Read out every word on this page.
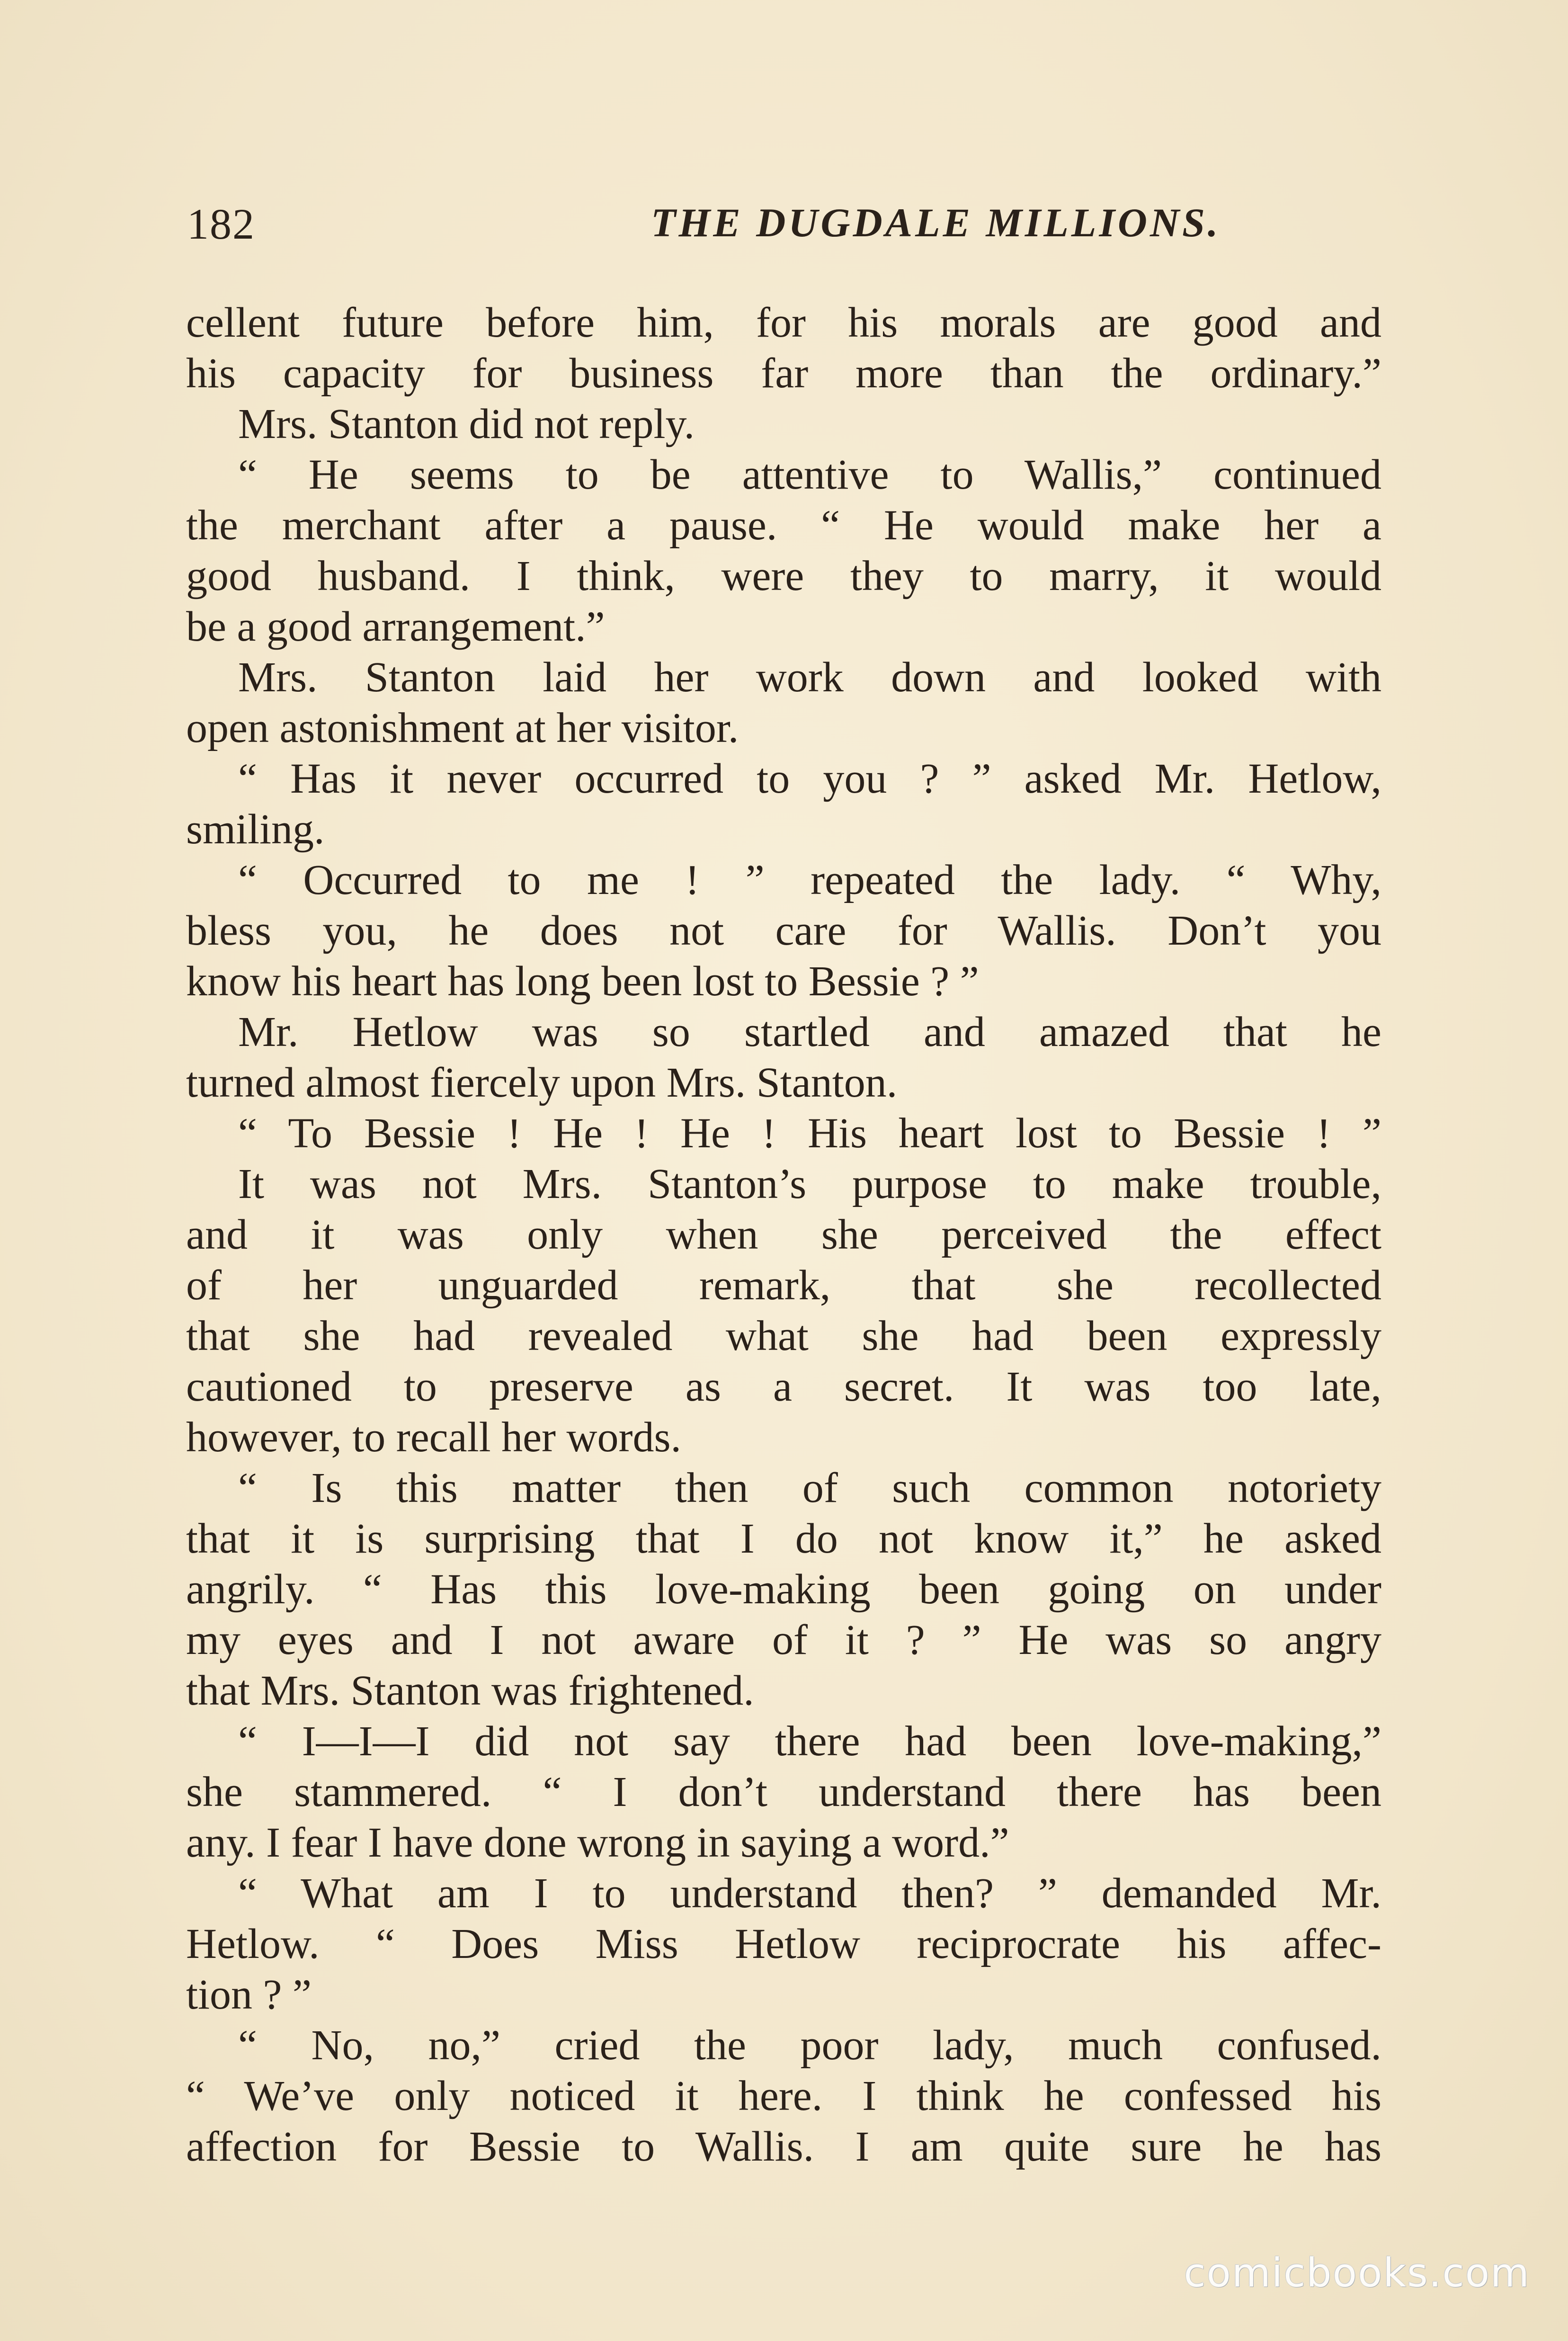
182	THE DUGDALE MILLIONS.
cellent future before him, for his morals are good and
his capacity for business far more than the ordinary.”
Mrs. Stanton did not reply.
“ He seems to be attentive to Wallis,” continued
the merchant after a pause. “ He would make her a
good husband. I think, were they to marry, it would
be a good arrangement.”
Mrs. Stanton laid her work down and looked with
open astonishment at her visitor.
“ Has it never occurred to you ? ” asked Mr. Hetlow,
smiling.
“ Occurred to me ! ” repeated the lady. “ Why,
bless you, he does not care for Wallis. Don’t you
know his heart has long been lost to Bessie ? ”
Mr. Hetlow was so startled and amazed that he
turned almost fiercely upon Mrs. Stanton.
“ To Bessie ! He ! He ! His heart lost to Bessie ! ”
It was not Mrs. Stanton’s purpose to make trouble,
and it was only when she perceived the effect
of her unguarded remark, that she recollected
that she had revealed what she had been expressly
cautioned to preserve as a secret. It was too late,
however, to recall her words.
“ Is this matter then of such common notoriety
that it is surprising that I do not know it,” he asked
angrily. “ Has this love-making been going on under
my eyes and I not aware of it ? ” He was so angry
that Mrs. Stanton was frightened.
“ I—I—I did not say there had been love-making,”
she stammered. “ I don’t understand there has been
any. I fear I have done wrong in saying a word.”
“ What am I to understand then? ” demanded Mr.
Hetlow. “ Does Miss Hetlow reciprocrate his affec-
tion ? ”
“ No, no,” cried the poor lady, much confused.
“ We’ve only noticed it here. I think he confessed his
affection for Bessie to Wallis. I am quite sure he has
comicbooks.com
